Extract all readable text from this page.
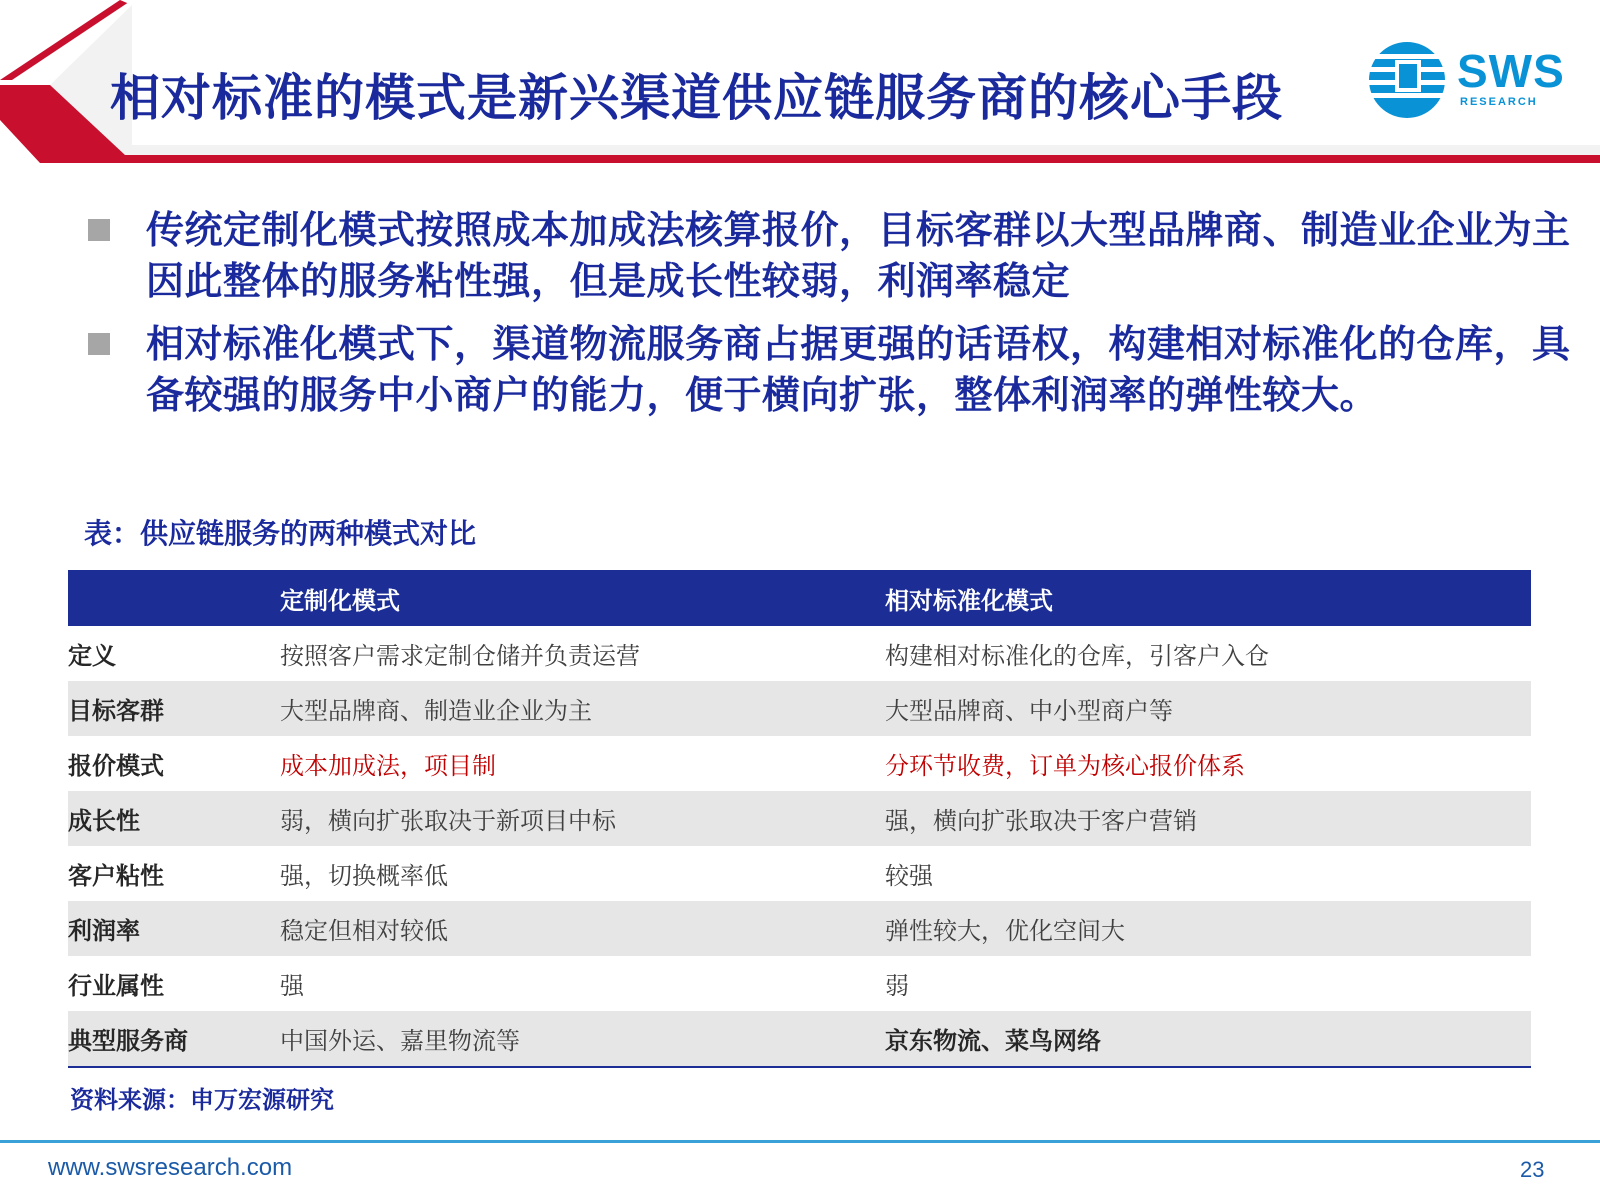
相对标准的模式是新兴渠道供应链服务商的核心手段	SWS
RESEARCH
传统定制化模式按照成本加成法核算报价，目标客群以大型品牌商、制造业企业为主因此整体的服务粘性强，但是成长性较弱，利润率稳定
相对标准化模式下，渠道物流服务商占据更强的话语权，构建相对标准化的仓库，具备较强的服务中小商户的能力，便于横向扩张，整体利润率的弹性较大。
表：供应链服务的两种模式对比
	定制化模式	相对标准化模式
定义	按照客户需求定制仓储并负责运营	构建相对标准化的仓库，引客户入仓
目标客群	大型品牌商、制造业企业为主	大型品牌商、中小型商户等
报价模式	成本加成法，项目制	分环节收费，订单为核心报价体系
成长性	弱，横向扩张取决于新项目中标	强，横向扩张取决于客户营销
客户粘性	强，切换概率低	较强
利润率	稳定但相对较低	弹性较大，优化空间大
行业属性	强	弱
典型服务商	中国外运、嘉里物流等	京东物流、菜鸟网络
资料来源：申万宏源研究
www.swsresearch.com	23
